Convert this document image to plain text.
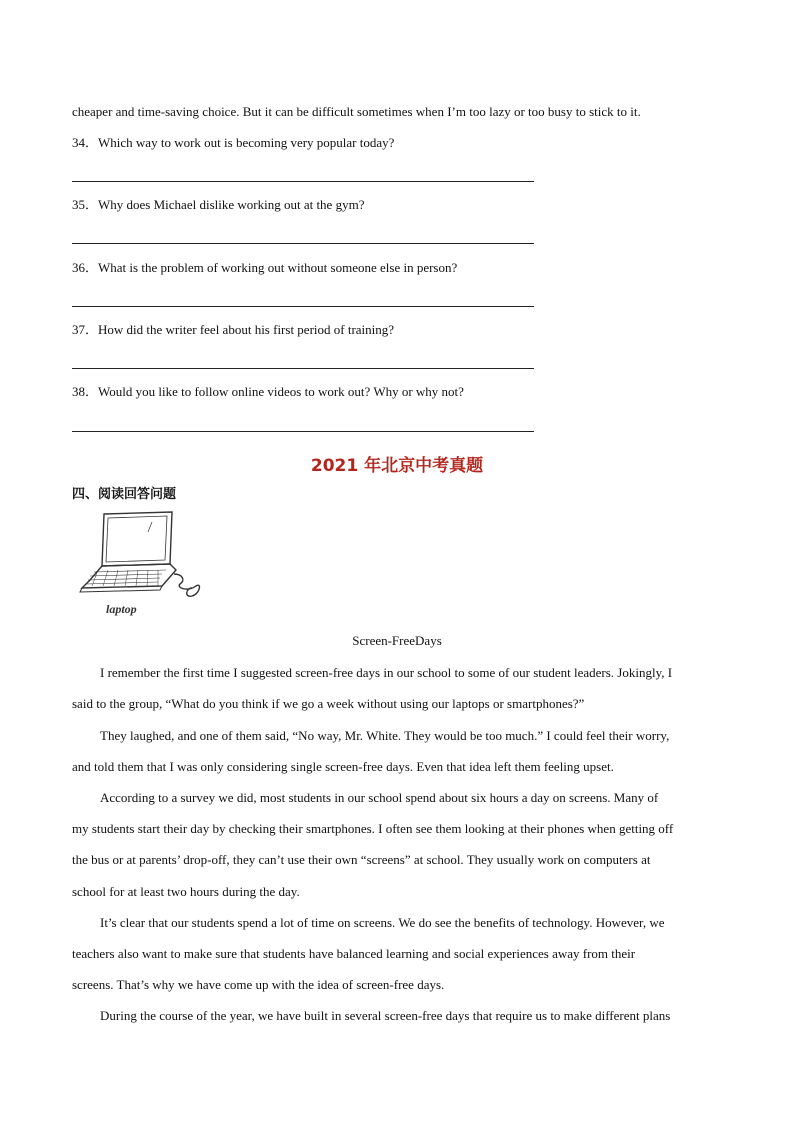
cheaper and time-saving choice. But it can be difficult sometimes when I’m too lazy or too busy to stick to it.
34．Which way to work out is becoming very popular today?
35．Why does Michael dislike working out at the gym?
36．What is the problem of working out without someone else in person?
37．How did the writer feel about his first period of training?
38．Would you like to follow online videos to work out? Why or why not?
2021 年北京中考真题
四、阅读回答问题
laptop
Screen-FreeDays
I remember the first time I suggested screen-free days in our school to some of our student leaders. Jokingly, I
said to the group, “What do you think if we go a week without using our laptops or smartphones?”
They laughed, and one of them said, “No way, Mr. White. They would be too much.” I could feel their worry,
and told them that I was only considering single screen-free days. Even that idea left them feeling upset.
According to a survey we did, most students in our school spend about six hours a day on screens. Many of
my students start their day by checking their smartphones. I often see them looking at their phones when getting off
the bus or at parents’ drop-off, they can’t use their own “screens” at school. They usually work on computers at
school for at least two hours during the day.
It’s clear that our students spend a lot of time on screens. We do see the benefits of technology. However, we
teachers also want to make sure that students have balanced learning and social experiences away from their
screens. That’s why we have come up with the idea of screen-free days.
During the course of the year, we have built in several screen-free days that require us to make different plans
